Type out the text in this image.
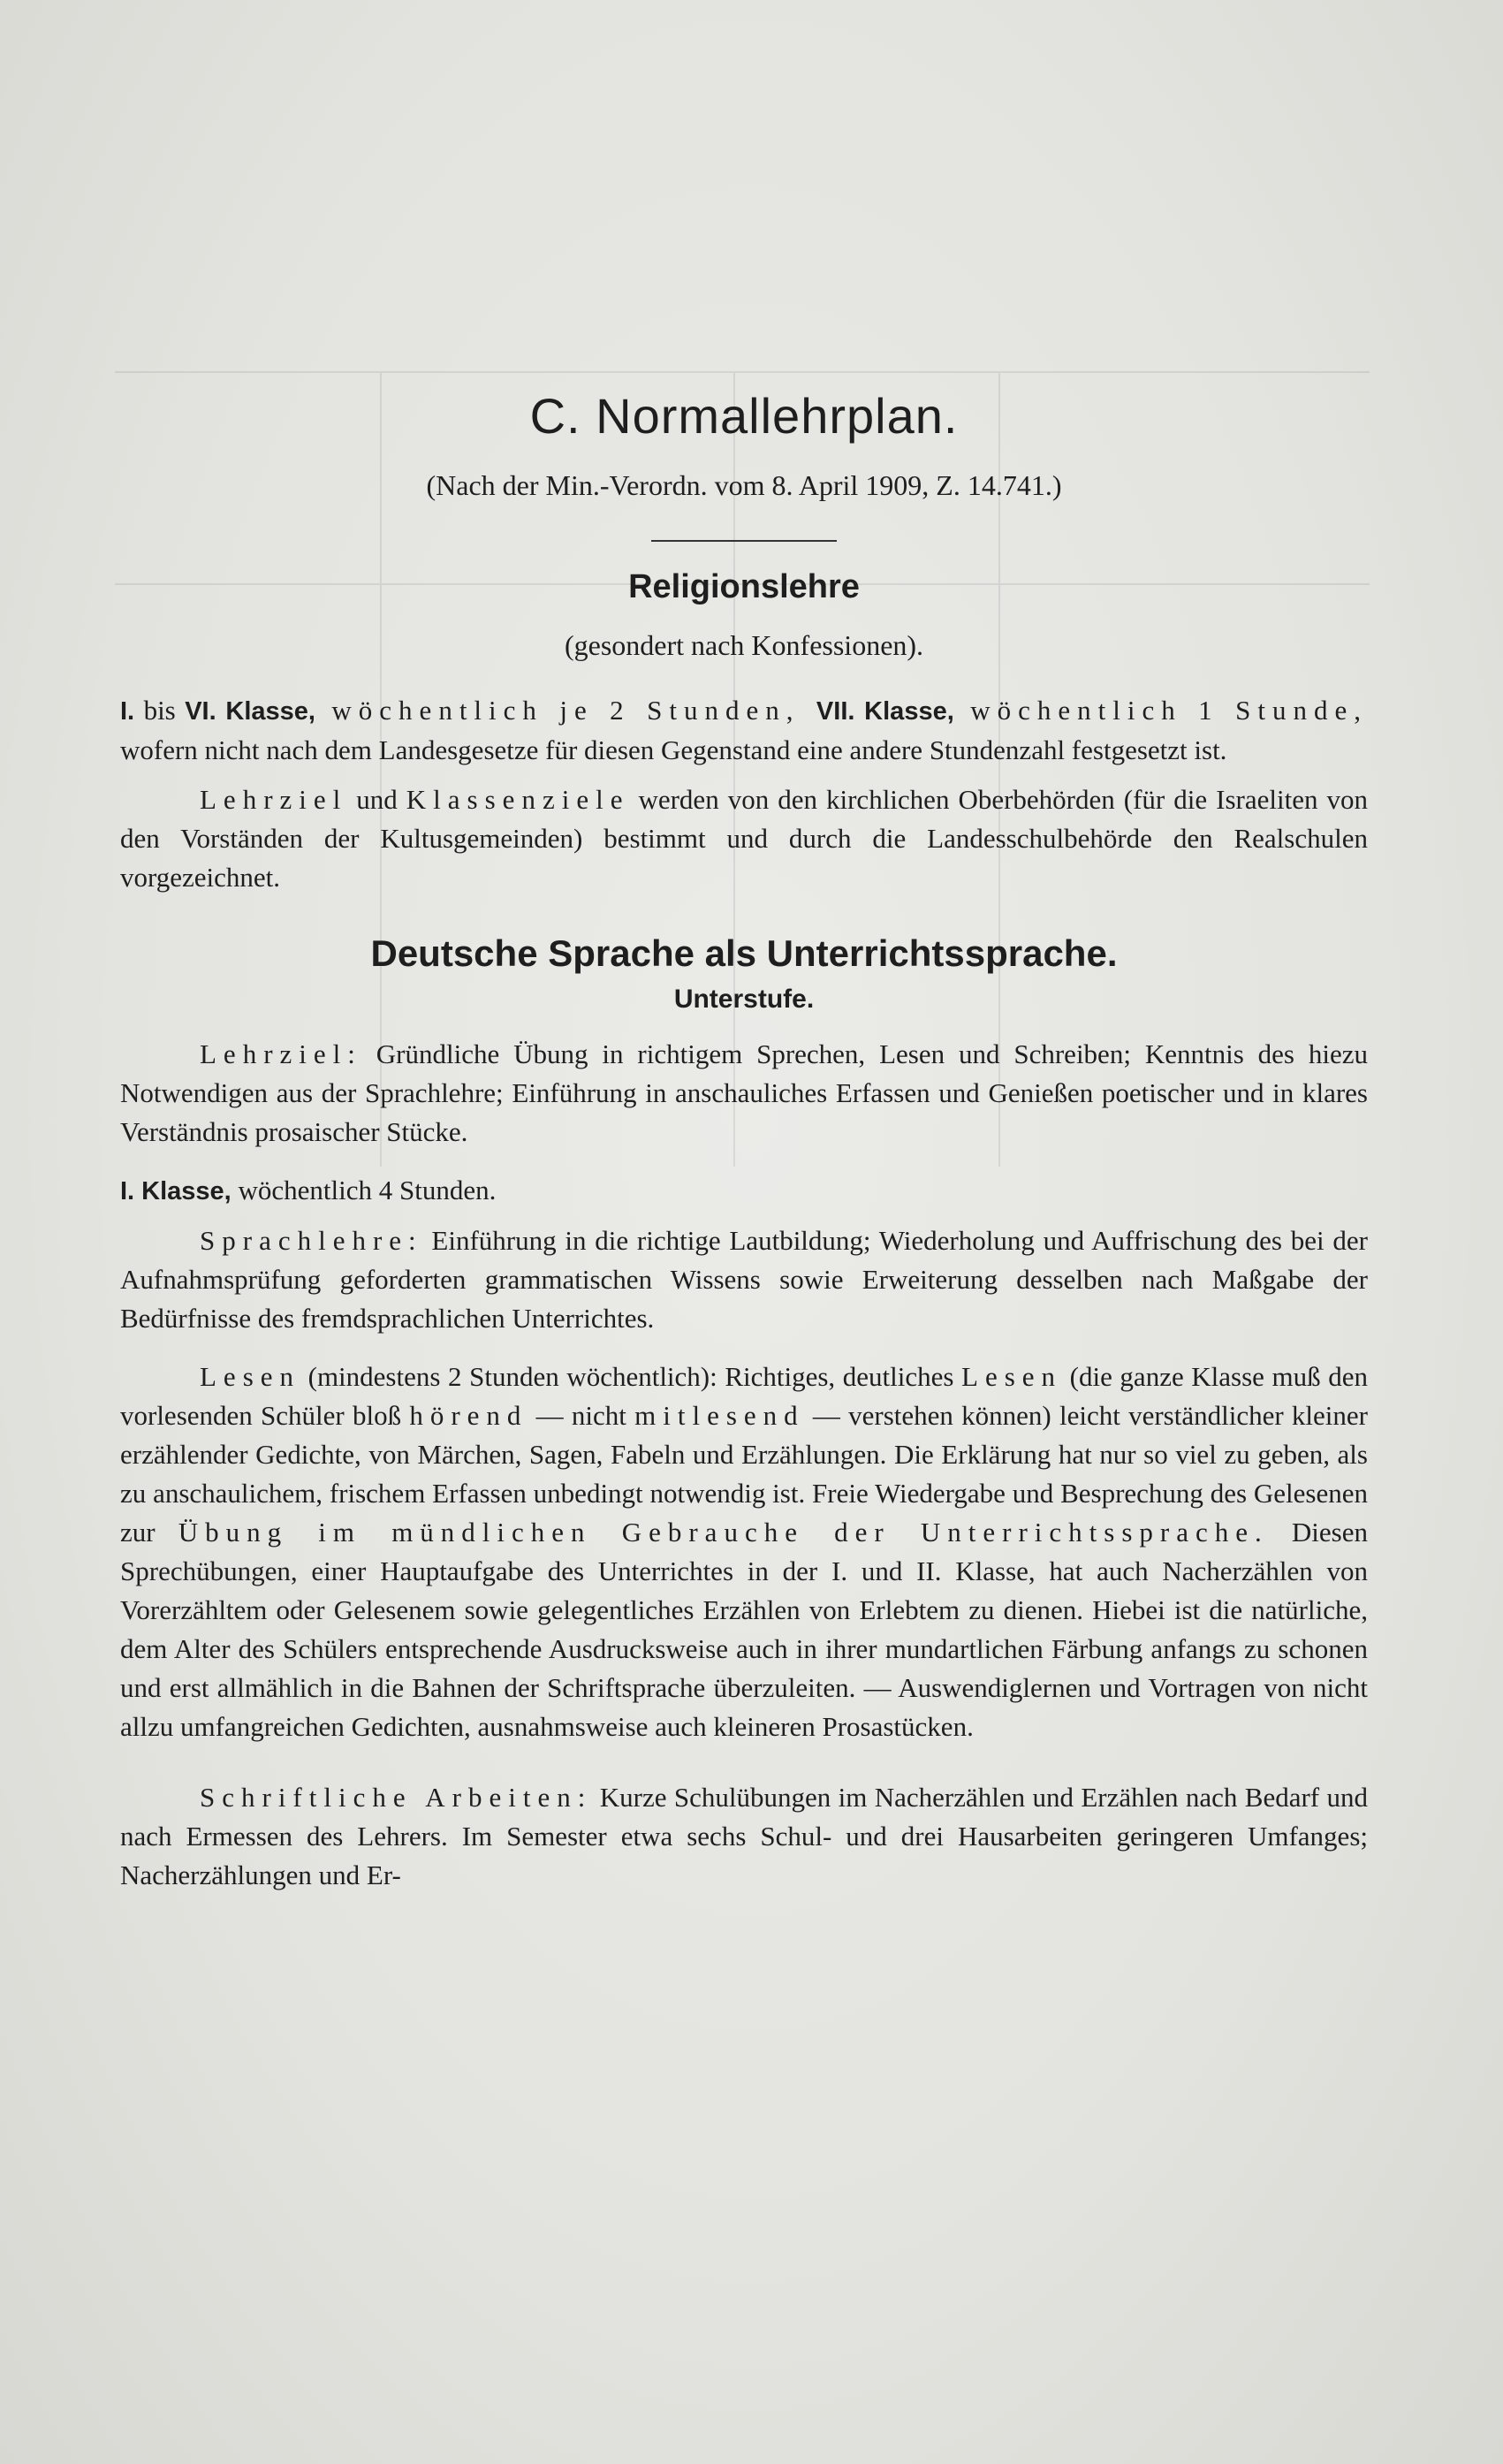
C. Normallehrplan.

(Nach der Min.-Verordn. vom 8. April 1909, Z. 14.741.)

Religionslehre

(gesondert nach Konfessionen).

I. bis VI. Klasse, wöchentlich je 2 Stunden, VII. Klasse, wöchentlich 1 Stunde, wofern nicht nach dem Landesgesetze für diesen Gegenstand eine andere Stundenzahl festgesetzt ist.

Lehrziel und Klassenziele werden von den kirchlichen Oberbehörden (für die Israeliten von den Vorständen der Kultusgemeinden) bestimmt und durch die Landesschulbehörde den Realschulen vorgezeichnet.

Deutsche Sprache als Unterrichtssprache.

Unterstufe.

Lehrziel: Gründliche Übung in richtigem Sprechen, Lesen und Schreiben; Kenntnis des hiezu Notwendigen aus der Sprachlehre; Einführung in anschauliches Erfassen und Genießen poetischer und in klares Verständnis prosaischer Stücke.

I. Klasse, wöchentlich 4 Stunden.

Sprachlehre: Einführung in die richtige Lautbildung; Wiederholung und Auffrischung des bei der Aufnahmsprüfung geforderten grammatischen Wissens sowie Erweiterung desselben nach Maßgabe der Bedürfnisse des fremdsprachlichen Unterrichtes.

Lesen (mindestens 2 Stunden wöchentlich): Richtiges, deutliches Lesen (die ganze Klasse muß den vorlesenden Schüler bloß hörend — nicht mitlesend — verstehen können) leicht verständlicher kleiner erzählender Gedichte, von Märchen, Sagen, Fabeln und Erzählungen. Die Erklärung hat nur so viel zu geben, als zu anschaulichem, frischem Erfassen unbedingt notwendig ist. Freie Wiedergabe und Besprechung des Gelesenen zur Übung im mündlichen Gebrauche der Unterrichtssprache. Diesen Sprechübungen, einer Hauptaufgabe des Unterrichtes in der I. und II. Klasse, hat auch Nacherzählen von Vorerzähltem oder Gelesenem sowie gelegentliches Erzählen von Erlebtem zu dienen. Hiebei ist die natürliche, dem Alter des Schülers entsprechende Ausdrucksweise auch in ihrer mundartlichen Färbung anfangs zu schonen und erst allmählich in die Bahnen der Schriftsprache überzuleiten. — Auswendiglernen und Vortragen von nicht allzu umfangreichen Gedichten, ausnahmsweise auch kleineren Prosastücken.

Schriftliche Arbeiten: Kurze Schulübungen im Nacherzählen und Erzählen nach Bedarf und nach Ermessen des Lehrers. Im Semester etwa sechs Schul- und drei Hausarbeiten geringeren Umfanges; Nacherzählungen und Er-
